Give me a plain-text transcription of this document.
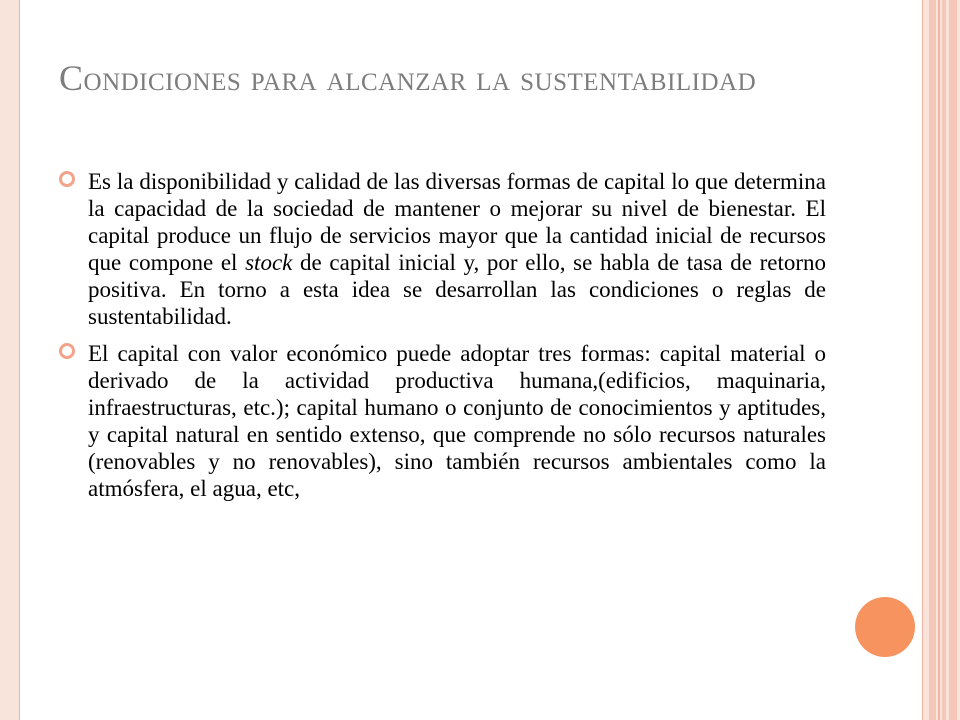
Condiciones para alcanzar la sustentabilidad
Es la disponibilidad y calidad de las diversas formas de capital lo que determina la capacidad de la sociedad de mantener o mejorar su nivel de bienestar. El capital produce un flujo de servicios mayor que la cantidad inicial de recursos que compone el stock de capital inicial y, por ello, se habla de tasa de retorno positiva. En torno a esta idea se desarrollan las condiciones o reglas de sustentabilidad.
El capital con valor económico puede adoptar tres formas: capital material o derivado de la actividad productiva humana,(edificios, maquinaria, infraestructuras, etc.); capital humano o conjunto de conocimientos y aptitudes, y capital natural en sentido extenso, que comprende no sólo recursos naturales (renovables y no renovables), sino también recursos ambientales como la atmósfera, el agua, etc,
